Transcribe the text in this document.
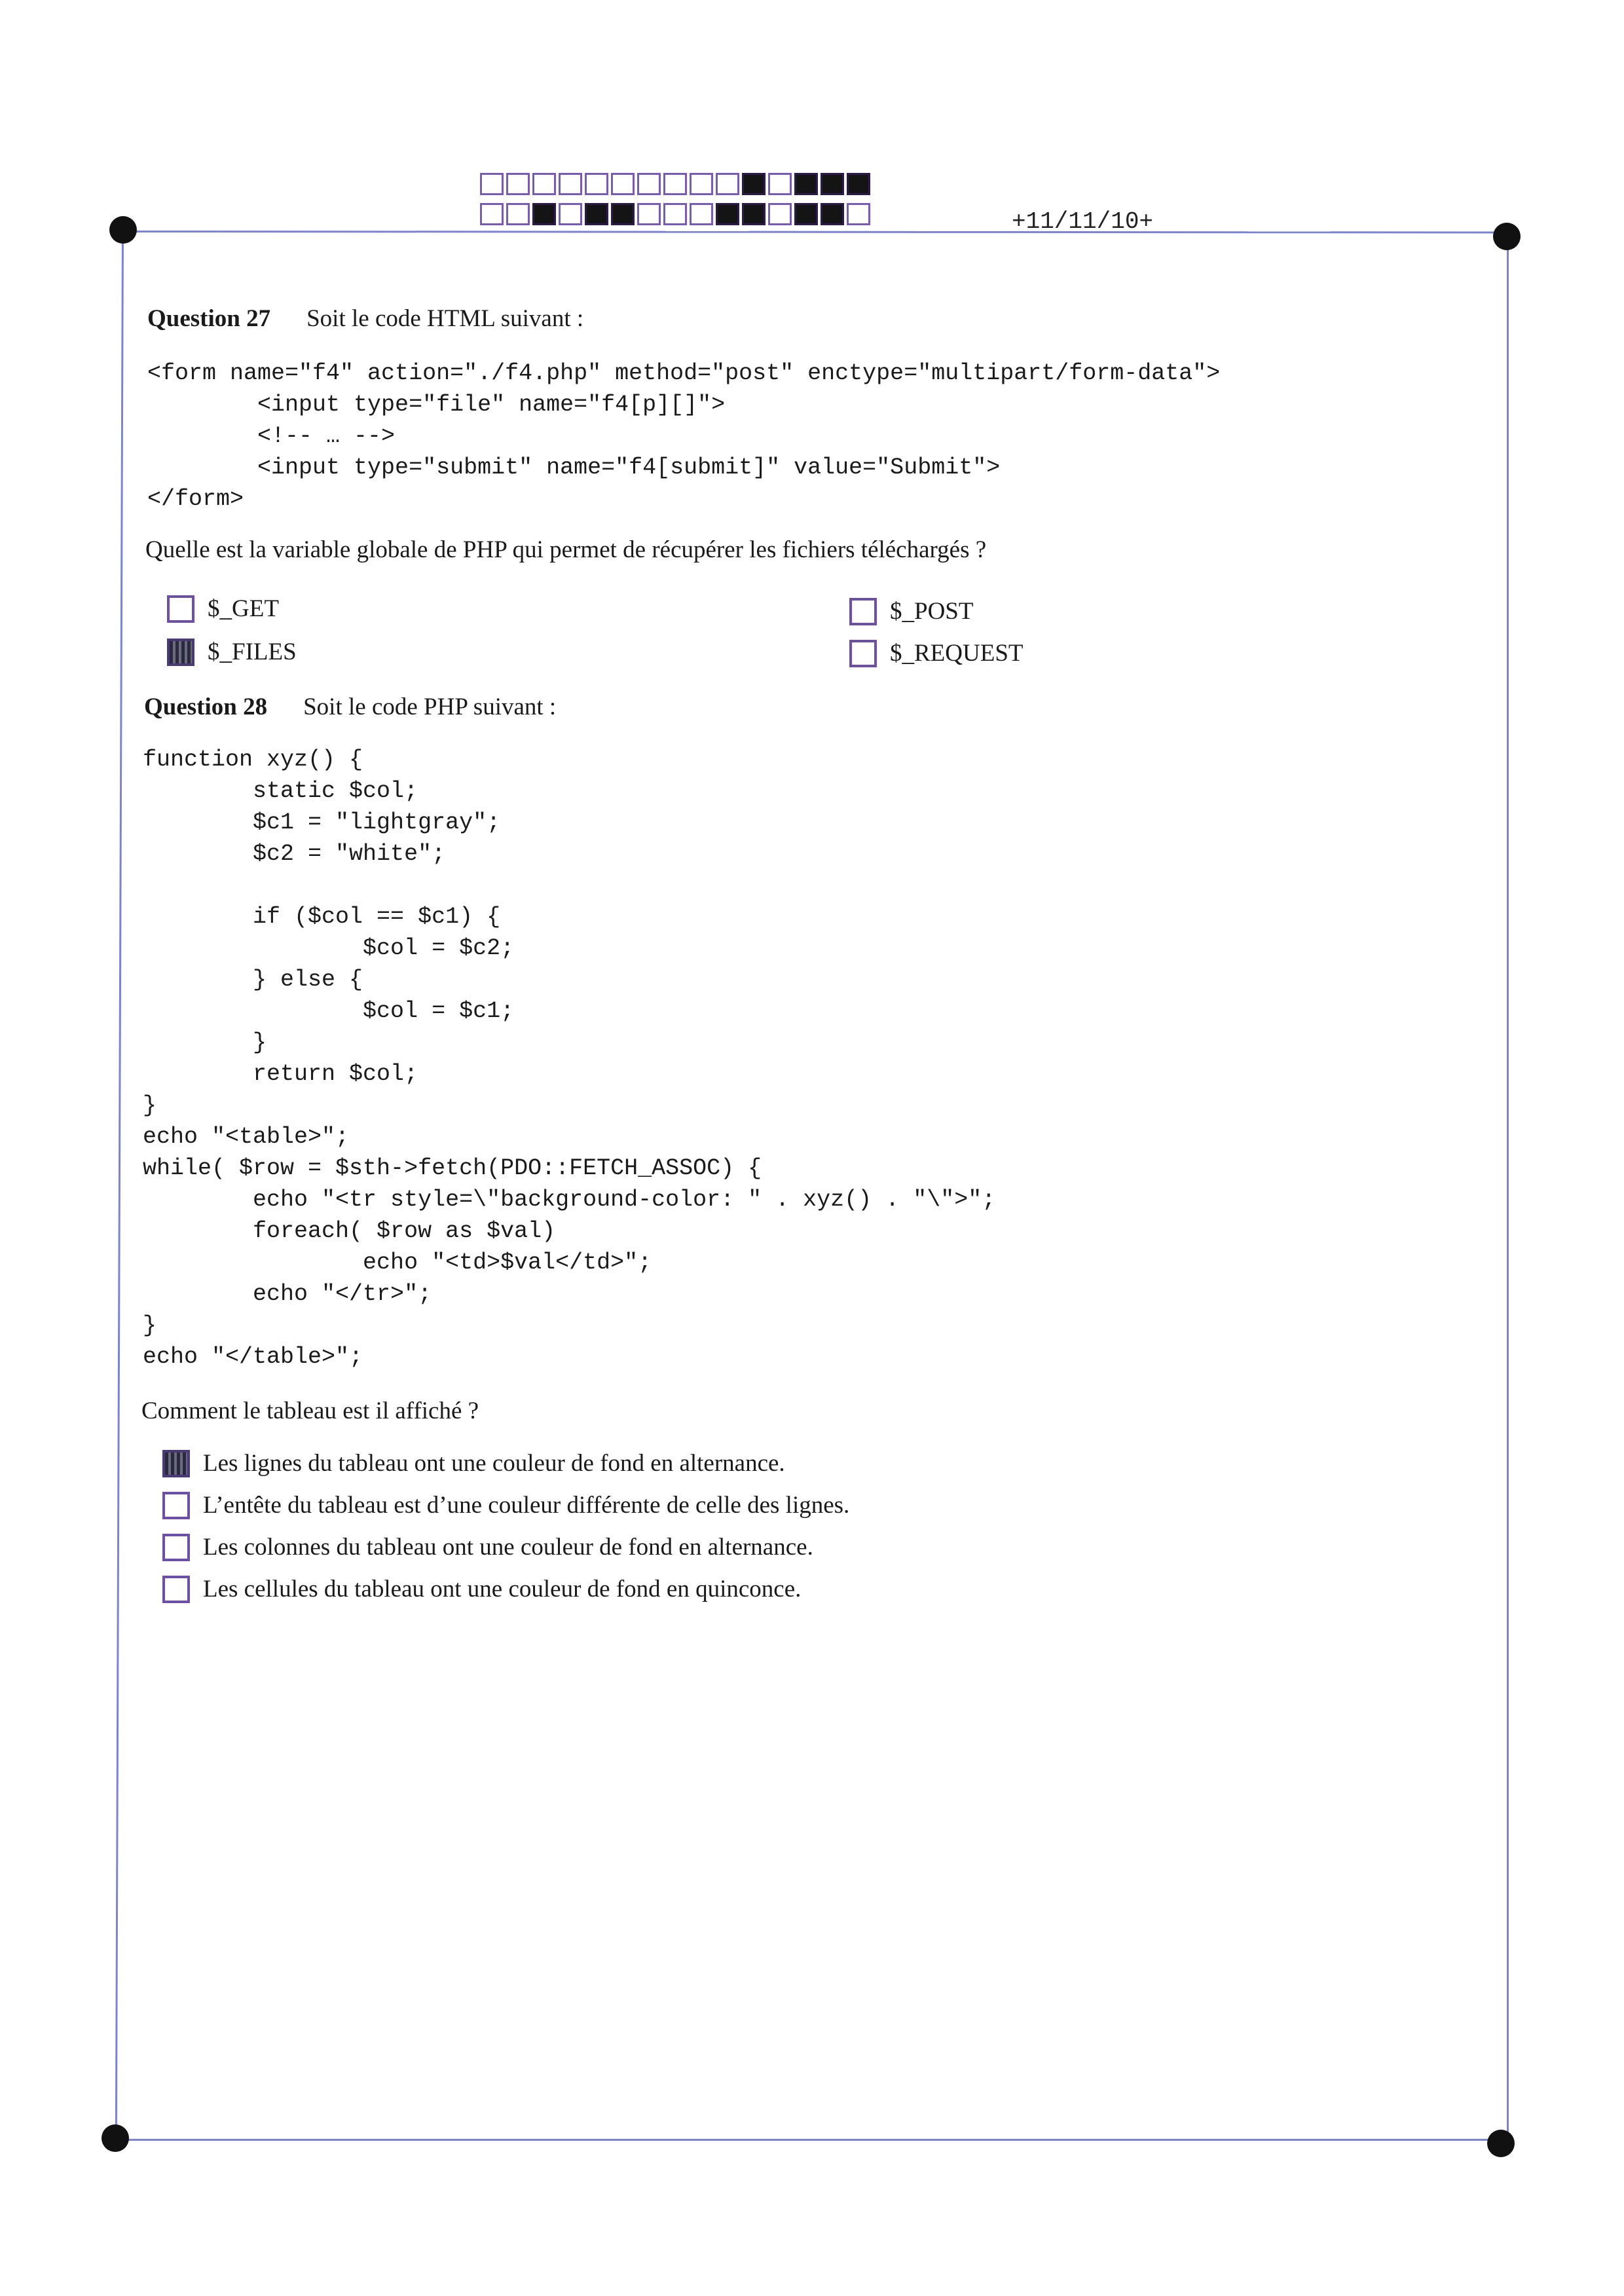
+11/11/10+
Question 27 Soit le code HTML suivant :
<form name="f4" action="./f4.php" method="post" enctype="multipart/form-data">
<input type="file" name="f4[p][]">
<!-- … -->
<input type="submit" name="f4[submit]" value="Submit">
</form>
Quelle est la variable globale de PHP qui permet de récupérer les fichiers téléchargés ?
$_GET	$_POST
$_FILES	$_REQUEST
Question 28 Soit le code PHP suivant :
function xyz() {
static $col;
$c1 = "lightgray";
$c2 = "white";

if ($col == $c1) {
$col = $c2;
} else {
$col = $c1;
}
return $col;
}
echo "<table>";
while( $row = $sth->fetch(PDO::FETCH_ASSOC) {
echo "<tr style=\"background-color: " . xyz() . "\">";
foreach( $row as $val)
echo "<td>$val</td>";
echo "</tr>";
}
echo "</table>";
Comment le tableau est il affiché ?
Les lignes du tableau ont une couleur de fond en alternance.
L’entête du tableau est d’une couleur différente de celle des lignes.
Les colonnes du tableau ont une couleur de fond en alternance.
Les cellules du tableau ont une couleur de fond en quinconce.
